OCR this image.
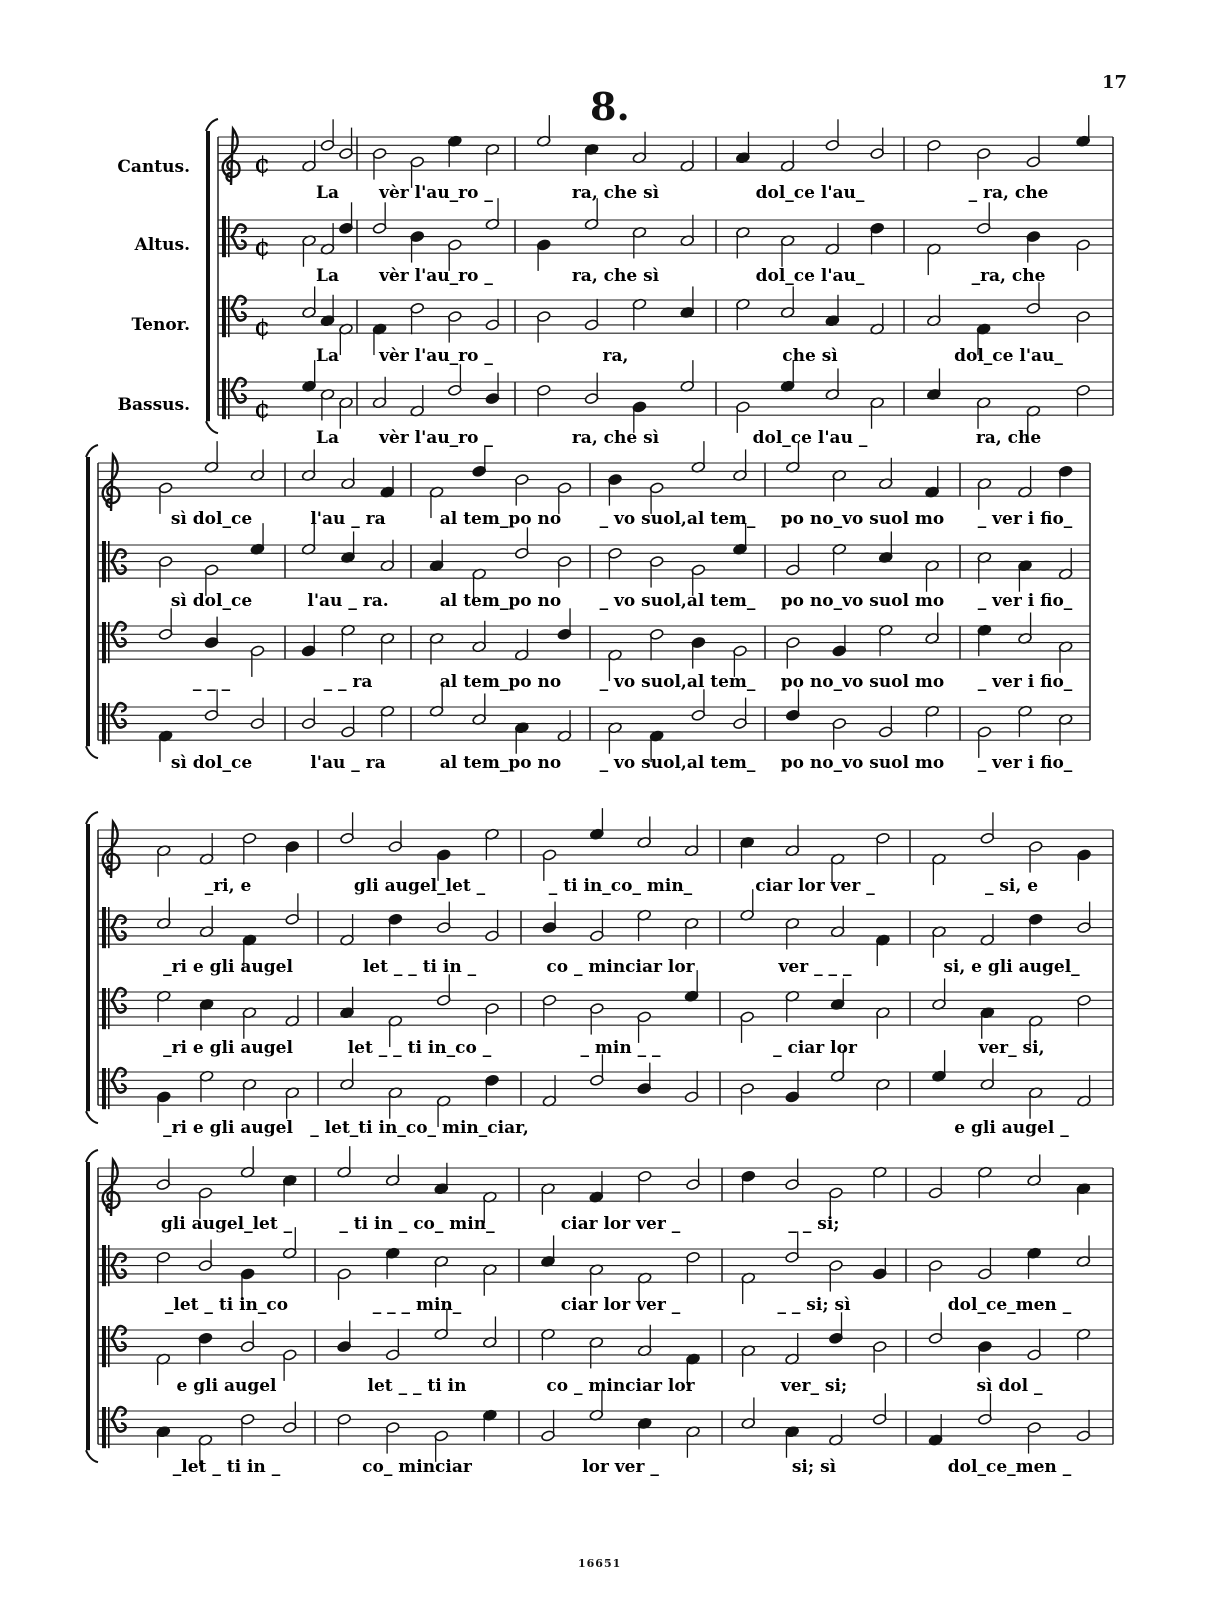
17
8.
16651
¢
La vèr l'au_ro _	ra, che sì	dol_ce l'au_	_ ra, che
Cantus.
¢
La vèr l'au_ro _	ra, che sì	dol_ce l'au_	_ra, che
Altus.
¢
La vèr l'au_ro _	ra,	che sì	dol_ce l'au_
Tenor.
¢
La vèr l'au_ro _	ra, che sì	dol_ce l'au _	ra, che
Bassus.
sì dol_ce	l'au _ ra	al tem_po no _ vo suol,al tem_ po no_vo suol mo _ ver i fio_
sì dol_ce	l'au _ ra.	al tem_po no _ vo suol,al tem_ po no_vo suol mo _ ver i fio_
_ _ _	_ _ ra	al tem_po no _ vo suol,al tem_ po no_vo suol mo _ ver i fio_
sì dol_ce	l'au _ ra	al tem_po no _ vo suol,al tem_ po no_vo suol mo _ ver i fio_
_ri, e	gli augel_let _	_ ti in_co_ min_	ciar lor ver _	_ si, e
_ri e gli augel	let _ _ ti in _	co _ minciar lor	ver _ _ _	si, e gli augel_
_ri e gli augel	let _ _ ti in_co _	_ min _ _	_ ciar lor	ver_ si,
_ri e gli augel _ let_ti in_co_ min_ciar,	e gli augel _
gli augel_let _	_ ti in _ co_ min_	ciar lor ver _	_ _ si;
_let _ ti in_co	_ _ _ min_	ciar lor ver _	_ _ si; sì	dol_ce_men _
e gli augel	let _ _ ti in	co _ minciar lor	ver_ si;	sì dol _
_let _ ti in _	co_ minciar	lor ver _	si; sì	dol_ce_men _
